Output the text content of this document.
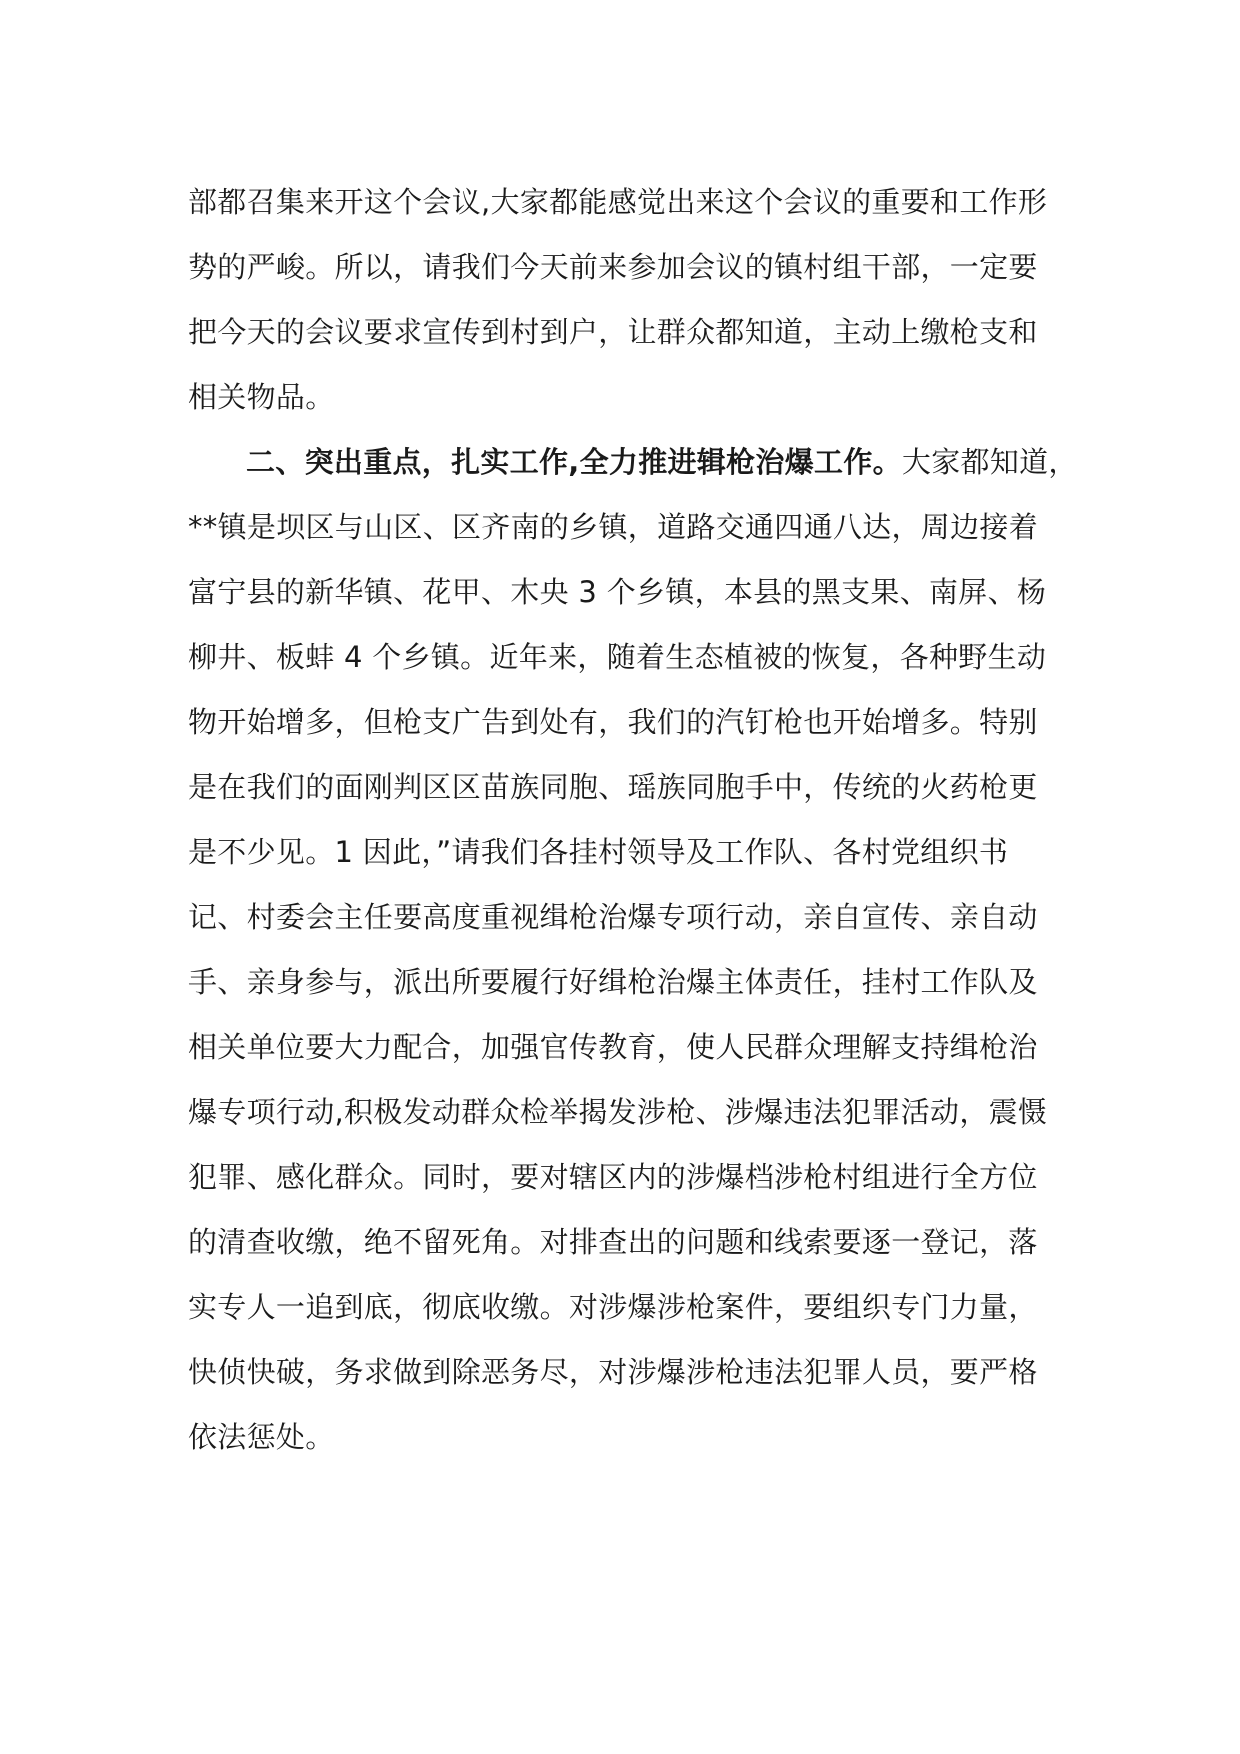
部都召集来开这个会议,大家都能感觉出来这个会议的重要和工作形
势的严峻。所以，请我们今天前来参加会议的镇村组干部，一定要
把今天的会议要求宣传到村到户，让群众都知道，主动上缴枪支和
相关物品。
二、突出重点，扎实工作,全力推进辑枪治爆工作。大家都知道，
**镇是坝区与山区、区齐南的乡镇，道路交通四通八达，周边接着
富宁县的新华镇、花甲、木央 3 个乡镇，本县的黑支果、南屏、杨
柳井、板蚌 4 个乡镇。近年来，随着生态植被的恢复，各种野生动
物开始增多，但枪支广告到处有，我们的汽钉枪也开始增多。特别
是在我们的面刚判区区苗族同胞、瑶族同胞手中，传统的火药枪更
是不少见。1 因此，”请我们各挂村领导及工作队、各村党组织书
记、村委会主任要高度重视缉枪治爆专项行动，亲自宣传、亲自动
手、亲身参与，派出所要履行好缉枪治爆主体责任，挂村工作队及
相关单位要大力配合，加强官传教育，使人民群众理解支持缉枪治
爆专项行动,积极发动群众检举揭发涉枪、涉爆违法犯罪活动，震慑
犯罪、感化群众。同时，要对辖区内的涉爆档涉枪村组进行全方位
的清查收缴，绝不留死角。对排查出的问题和线索要逐一登记，落
实专人一追到底，彻底收缴。对涉爆涉枪案件，要组织专门力量，
快侦快破，务求做到除恶务尽，对涉爆涉枪违法犯罪人员，要严格
依法惩处。
